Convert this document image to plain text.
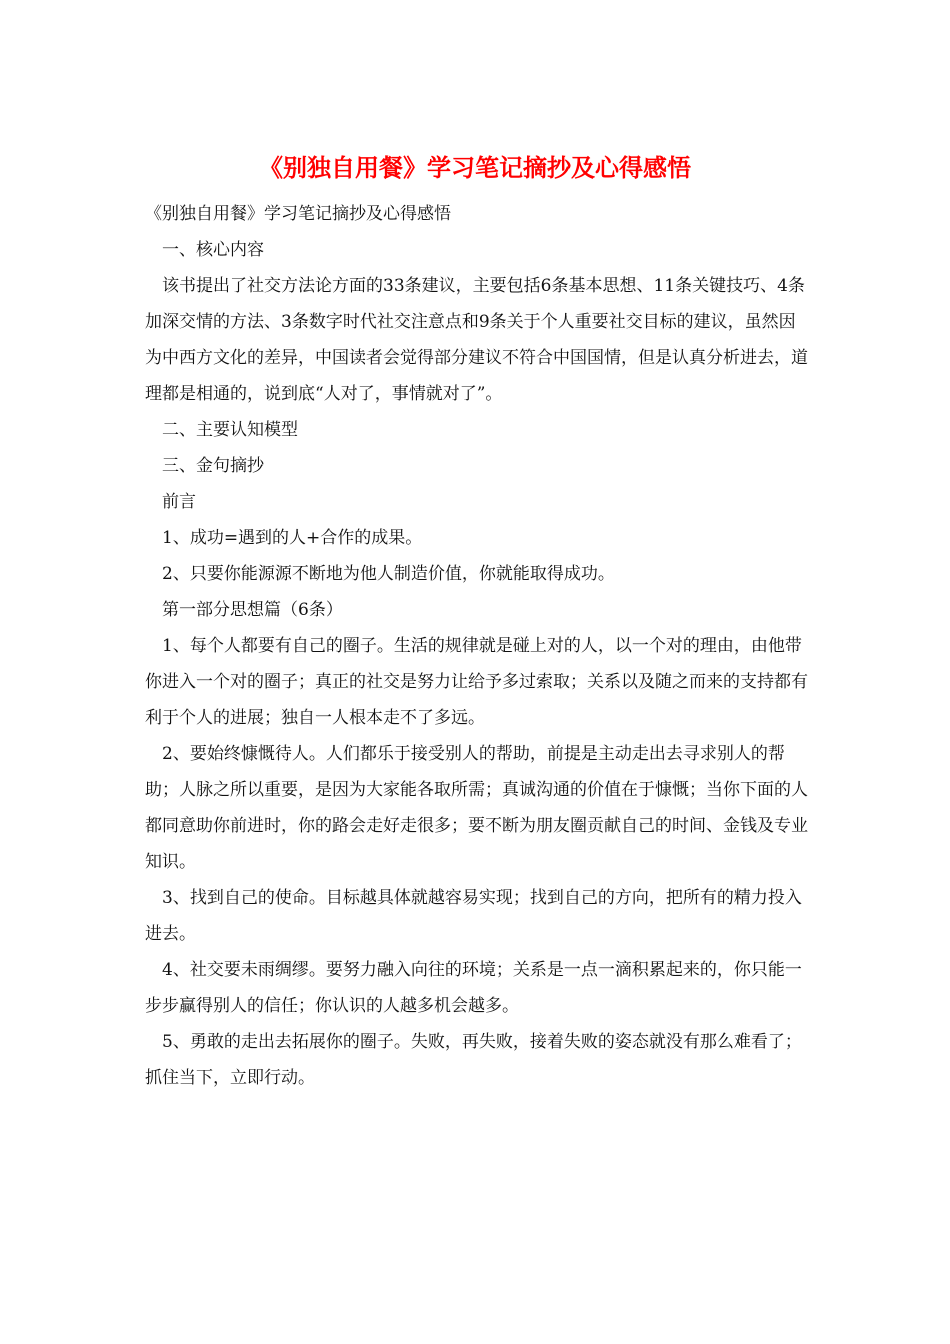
《别独自用餐》学习笔记摘抄及心得感悟

《别独自用餐》学习笔记摘抄及心得感悟

一、核心内容

该书提出了社交方法论方面的33条建议，主要包括6条基本思想、11条关键技巧、4条加深交情的方法、3条数字时代社交注意点和9条关于个人重要社交目标的建议，虽然因为中西方文化的差异，中国读者会觉得部分建议不符合中国国情，但是认真分析进去，道理都是相通的，说到底“人对了，事情就对了”。

二、主要认知模型

三、金句摘抄

前言

1、成功=遇到的人+合作的成果。

2、只要你能源源不断地为他人制造价值，你就能取得成功。

第一部分思想篇（6条）

1、每个人都要有自己的圈子。生活的规律就是碰上对的人，以一个对的理由，由他带你进入一个对的圈子；真正的社交是努力让给予多过索取；关系以及随之而来的支持都有利于个人的进展；独自一人根本走不了多远。

2、要始终慷慨待人。人们都乐于接受别人的帮助，前提是主动走出去寻求别人的帮助；人脉之所以重要，是因为大家能各取所需；真诚沟通的价值在于慷慨；当你下面的人都同意助你前进时，你的路会走好走很多；要不断为朋友圈贡献自己的时间、金钱及专业知识。

3、找到自己的使命。目标越具体就越容易实现；找到自己的方向，把所有的精力投入进去。

4、社交要未雨绸缪。要努力融入向往的环境；关系是一点一滴积累起来的，你只能一步步赢得别人的信任；你认识的人越多机会越多。

5、勇敢的走出去拓展你的圈子。失败，再失败，接着失败的姿态就没有那么难看了；抓住当下，立即行动。
